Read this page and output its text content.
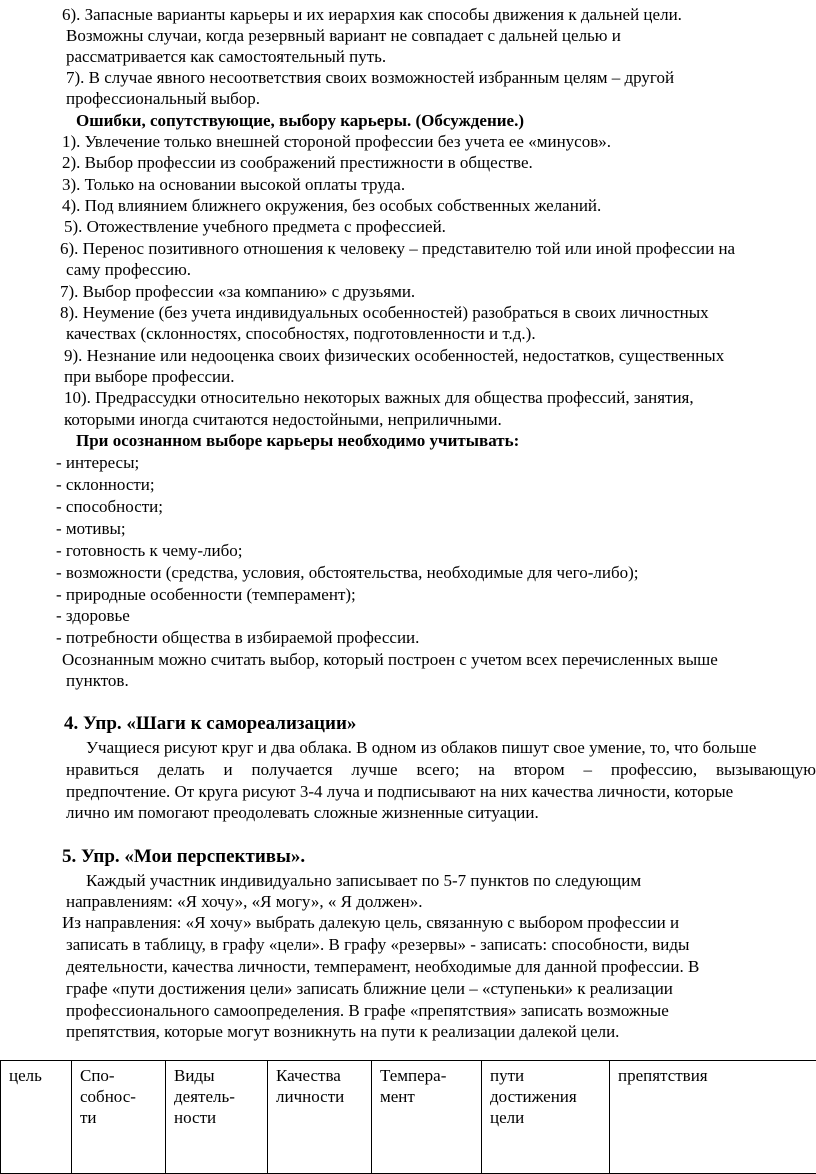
6). Запасные варианты карьеры и их иерархия как способы движения к дальней цели.
Возможны случаи, когда резервный вариант не совпадает с дальней целью и
рассматривается как самостоятельный путь.
7). В случае явного несоответствия своих возможностей избранным целям – другой
профессиональный выбор.
Ошибки, сопутствующие, выбору карьеры. (Обсуждение.)
1). Увлечение только внешней стороной профессии без учета ее «минусов».
2). Выбор профессии из соображений престижности в обществе.
3). Только на основании высокой оплаты труда.
4). Под влиянием ближнего окружения, без особых собственных желаний.
5). Отожествление учебного предмета с профессией.
6). Перенос позитивного отношения к человеку – представителю той или иной профессии на
саму профессию.
7). Выбор профессии «за компанию» с друзьями.
8). Неумение (без учета индивидуальных особенностей) разобраться в своих личностных
качествах (склонностях, способностях, подготовленности и т.д.).
9). Незнание или недооценка своих физических особенностей, недостатков, существенных
при выборе профессии.
10). Предрассудки относительно некоторых важных для общества профессий, занятия,
которыми иногда считаются недостойными, неприличными.
При осознанном выборе карьеры необходимо учитывать:
- интересы;
- склонности;
- способности;
- мотивы;
- готовность к чему-либо;
- возможности (средства, условия, обстоятельства, необходимые для чего-либо);
- природные особенности (темперамент);
- здоровье
- потребности общества в избираемой профессии.
Осознанным можно считать выбор, который построен с учетом всех перечисленных выше
пунктов.
4. Упр. «Шаги к самореализации»
Учащиеся рисуют круг и два облака. В одном из облаков пишут свое умение, то, что больше
нравиться делать и получается лучше всего; на втором – профессию, вызывающую
предпочтение. От круга рисуют 3-4 луча и подписывают на них качества личности, которые
лично им помогают преодолевать сложные жизненные ситуации.
5. Упр. «Мои перспективы».
Каждый участник индивидуально записывает по 5-7 пунктов по следующим
направлениям: «Я хочу», «Я могу», « Я должен».
Из направления: «Я хочу» выбрать далекую цель, связанную с выбором профессии и
записать в таблицу, в графу «цели». В графу «резервы» - записать: способности, виды
деятельности, качества личности, темперамент, необходимые для данной профессии. В
графе «пути достижения цели» записать ближние цели – «ступеньки» к реализации
профессионального самоопределения. В графе «препятствия» записать возможные
препятствия, которые могут возникнуть на пути к реализации далекой цели.
цель	Спо-
собнос-
ти	Виды
деятель-
ности	Качества
личности	Темпера-
мент	пути
достижения
цели	препятствия
